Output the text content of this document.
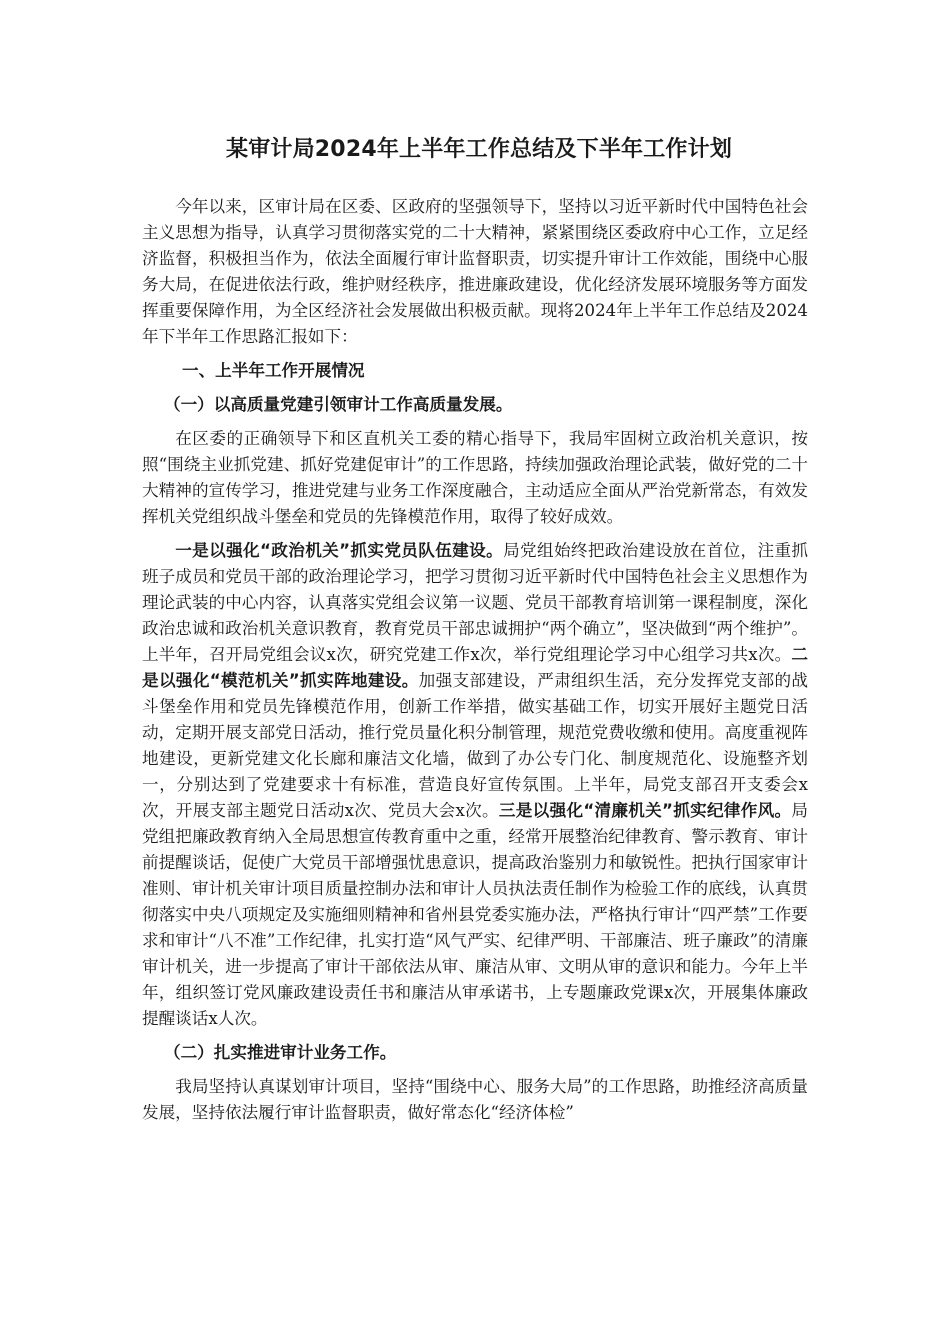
某审计局2024年上半年工作总结及下半年工作计划

今年以来，区审计局在区委、区政府的坚强领导下，坚持以习近平新时代中国特色社会主义思想为指导，认真学习贯彻落实党的二十大精神，紧紧围绕区委政府中心工作，立足经济监督，积极担当作为，依法全面履行审计监督职责，切实提升审计工作效能，围绕中心服务大局，在促进依法行政，维护财经秩序，推进廉政建设，优化经济发展环境服务等方面发挥重要保障作用，为全区经济社会发展做出积极贡献。现将2024年上半年工作总结及2024年下半年工作思路汇报如下：

一、上半年工作开展情况
（一）以高质量党建引领审计工作高质量发展。

在区委的正确领导下和区直机关工委的精心指导下，我局牢固树立政治机关意识，按照“围绕主业抓党建、抓好党建促审计”的工作思路，持续加强政治理论武装，做好党的二十大精神的宣传学习，推进党建与业务工作深度融合，主动适应全面从严治党新常态，有效发挥机关党组织战斗堡垒和党员的先锋模范作用，取得了较好成效。

一是以强化“政治机关”抓实党员队伍建设。局党组始终把政治建设放在首位，注重抓班子成员和党员干部的政治理论学习，把学习贯彻习近平新时代中国特色社会主义思想作为理论武装的中心内容，认真落实党组会议第一议题、党员干部教育培训第一课程制度，深化政治忠诚和政治机关意识教育，教育党员干部忠诚拥护“两个确立”，坚决做到“两个维护”。上半年，召开局党组会议x次，研究党建工作x次，举行党组理论学习中心组学习共x次。二是以强化“模范机关”抓实阵地建设。加强支部建设，严肃组织生活，充分发挥党支部的战斗堡垒作用和党员先锋模范作用，创新工作举措，做实基础工作，切实开展好主题党日活动，定期开展支部党日活动，推行党员量化积分制管理，规范党费收缴和使用。高度重视阵地建设，更新党建文化长廊和廉洁文化墙，做到了办公专门化、制度规范化、设施整齐划一，分别达到了党建要求十有标准，营造良好宣传氛围。上半年，局党支部召开支委会x次，开展支部主题党日活动x次、党员大会x次。三是以强化“清廉机关”抓实纪律作风。局党组把廉政教育纳入全局思想宣传教育重中之重，经常开展整治纪律教育、警示教育、审计前提醒谈话，促使广大党员干部增强忧患意识，提高政治鉴别力和敏锐性。把执行国家审计准则、审计机关审计项目质量控制办法和审计人员执法责任制作为检验工作的底线，认真贯彻落实中央八项规定及实施细则精神和省州县党委实施办法，严格执行审计“四严禁”工作要求和审计“八不准”工作纪律，扎实打造“风气严实、纪律严明、干部廉洁、班子廉政”的清廉审计机关，进一步提高了审计干部依法从审、廉洁从审、文明从审的意识和能力。今年上半年，组织签订党风廉政建设责任书和廉洁从审承诺书，上专题廉政党课x次，开展集体廉政提醒谈话x人次。

（二）扎实推进审计业务工作。

我局坚持认真谋划审计项目，坚持“围绕中心、服务大局”的工作思路，助推经济高质量发展，坚持依法履行审计监督职责，做好常态化“经济体检”
